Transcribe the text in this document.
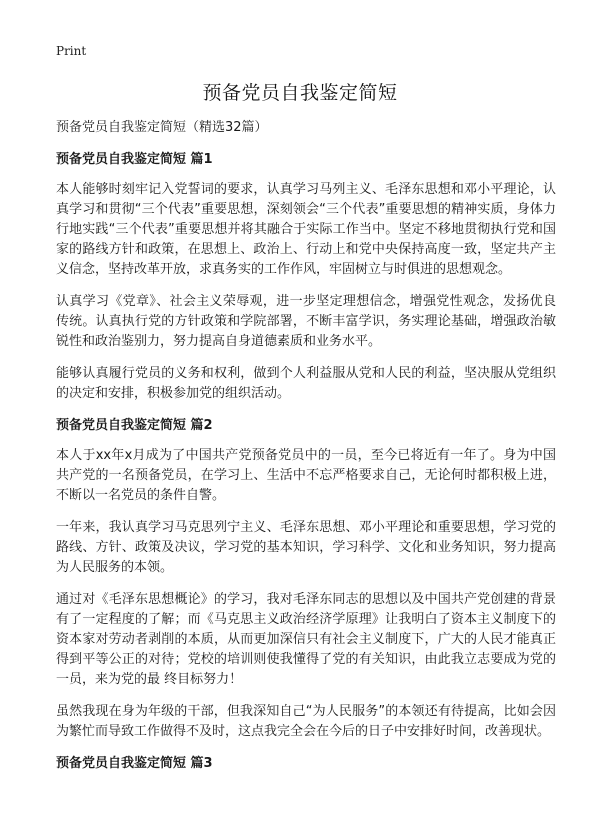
Print
预备党员自我鉴定简短

预备党员自我鉴定简短（精选32篇）

预备党员自我鉴定简短 篇1

本人能够时刻牢记入党誓词的要求，认真学习马列主义、毛泽东思想和邓小平理论，认真学习和贯彻“三个代表”重要思想，深刻领会“三个代表”重要思想的精神实质，身体力行地实践“三个代表”重要思想并将其融合于实际工作当中。坚定不移地贯彻执行党和国家的路线方针和政策，在思想上、政治上、行动上和党中央保持高度一致，坚定共产主义信念，坚持改革开放，求真务实的工作作风，牢固树立与时俱进的思想观念。

认真学习《党章》、社会主义荣辱观，进一步坚定理想信念，增强党性观念，发扬优良传统。认真执行党的方针政策和学院部署，不断丰富学识，务实理论基础，增强政治敏锐性和政治鉴别力，努力提高自身道德素质和业务水平。

能够认真履行党员的义务和权利，做到个人利益服从党和人民的利益，坚决服从党组织的决定和安排，积极参加党的组织活动。

预备党员自我鉴定简短 篇2

本人于xx年x月成为了中国共产党预备党员中的一员，至今已将近有一年了。身为中国共产党的一名预备党员，在学习上、生活中不忘严格要求自己，无论何时都积极上进，不断以一名党员的条件自警。

一年来，我认真学习马克思列宁主义、毛泽东思想、邓小平理论和重要思想，学习党的路线、方针、政策及决议，学习党的基本知识，学习科学、文化和业务知识，努力提高为人民服务的本领。

通过对《毛泽东思想概论》的学习，我对毛泽东同志的思想以及中国共产党创建的背景有了一定程度的了解；而《马克思主义政治经济学原理》让我明白了资本主义制度下的资本家对劳动者剥削的本质，从而更加深信只有社会主义制度下，广大的人民才能真正得到平等公正的对待；党校的培训则使我懂得了党的有关知识，由此我立志要成为党的一员，来为党的最 终目标努力！

虽然我现在身为年级的干部，但我深知自己“为人民服务”的本领还有待提高，比如会因为繁忙而导致工作做得不及时，这点我完全会在今后的日子中安排好时间，改善现状。

预备党员自我鉴定简短 篇3
